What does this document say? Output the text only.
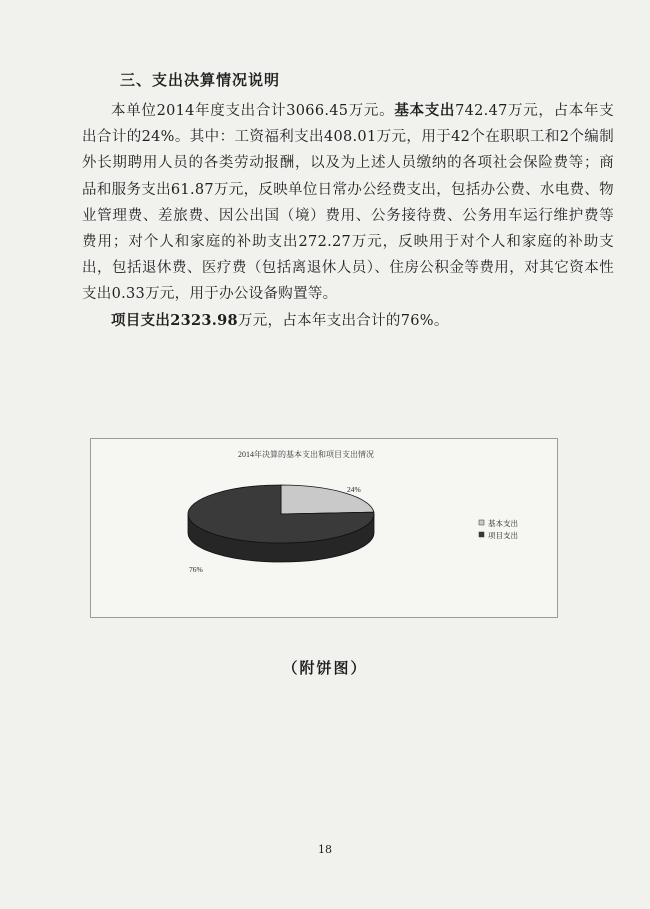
三、支出决算情况说明

本单位2014年度支出合计3066.45万元。基本支出742.47万元，占本年支出合计的24%。其中：工资福利支出408.01万元，用于42个在职职工和2个编制外长期聘用人员的各类劳动报酬，以及为上述人员缴纳的各项社会保险费等；商品和服务支出61.87万元，反映单位日常办公经费支出，包括办公费、水电费、物业管理费、差旅费、因公出国（境）费用、公务接待费、公务用车运行维护费等费用；对个人和家庭的补助支出272.27万元，反映用于对个人和家庭的补助支出，包括退休费、医疗费（包括离退休人员）、住房公积金等费用，对其它资本性支出0.33万元，用于办公设备购置等。

项目支出2323.98万元，占本年支出合计的76%。

2014年决算的基本支出和项目支出情况
24%
76%
基本支出
项目支出
（附饼图）
18
